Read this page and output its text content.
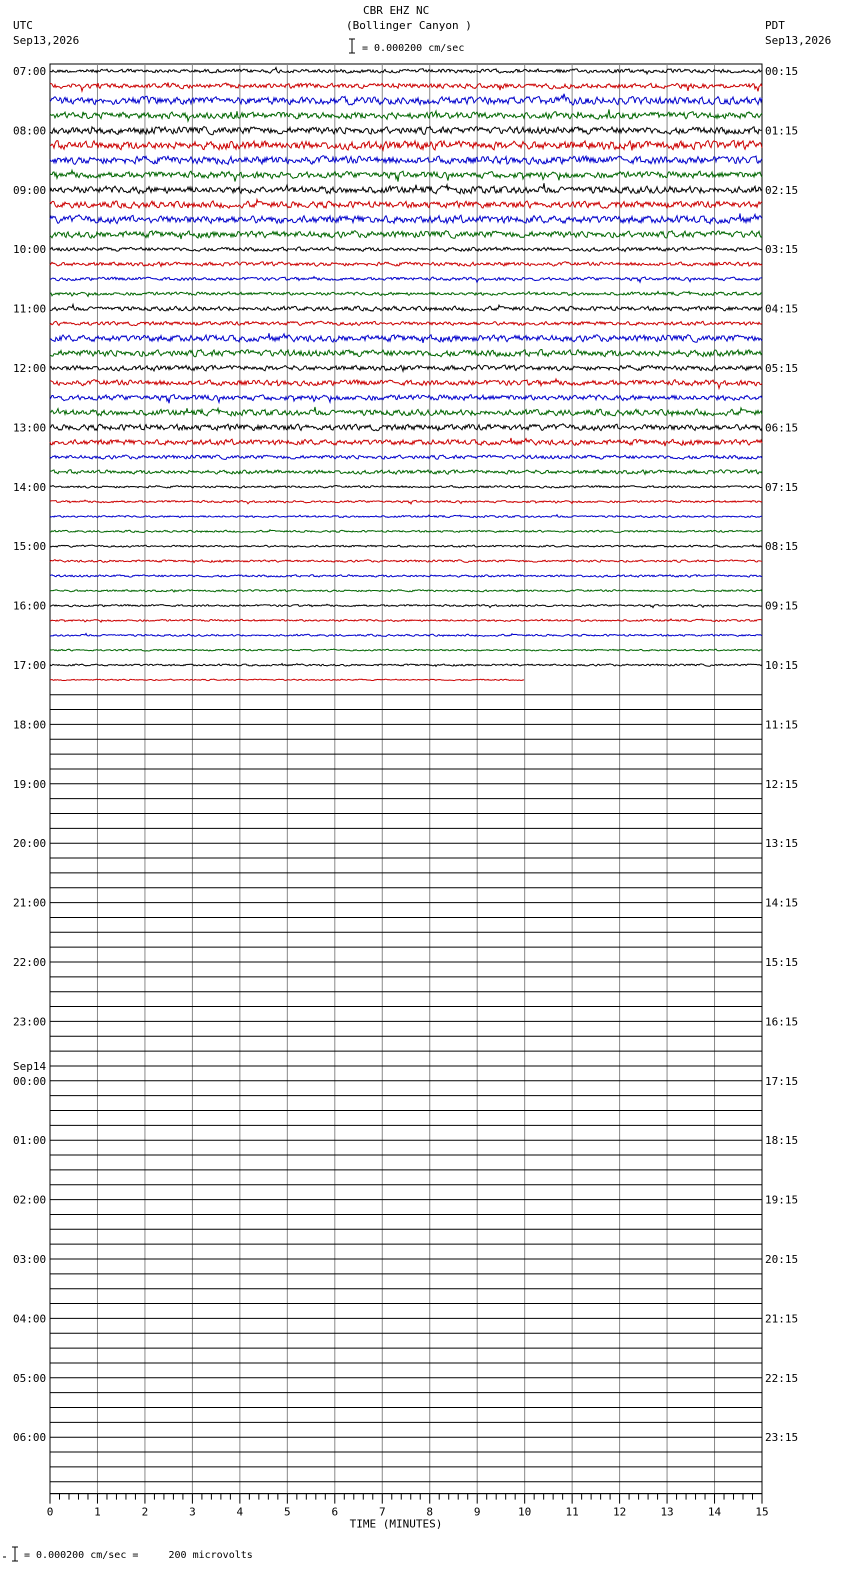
CBR EHZ NC
(Bollinger Canyon )
= 0.000200 cm/sec
UTC
Sep13,2026
PDT
Sep13,2026
0	1	2	3	4	5	6	7	8	9	10	11	12	13	14	15
TIME (MINUTES)
07:00	00:15
08:00	01:15
09:00	02:15
10:00	03:15
11:00	04:15
12:00	05:15
13:00	06:15
14:00	07:15
15:00	08:15
16:00	09:15
17:00	10:15
18:00	11:15
19:00	12:15
20:00	13:15
21:00	14:15
22:00	15:15
23:00	16:15
00:00	17:15
Sep14
01:00	18:15
02:00	19:15
03:00	20:15
04:00	21:15
05:00	22:15
06:00	23:15
= 0.000200 cm/sec =     200 microvolts
